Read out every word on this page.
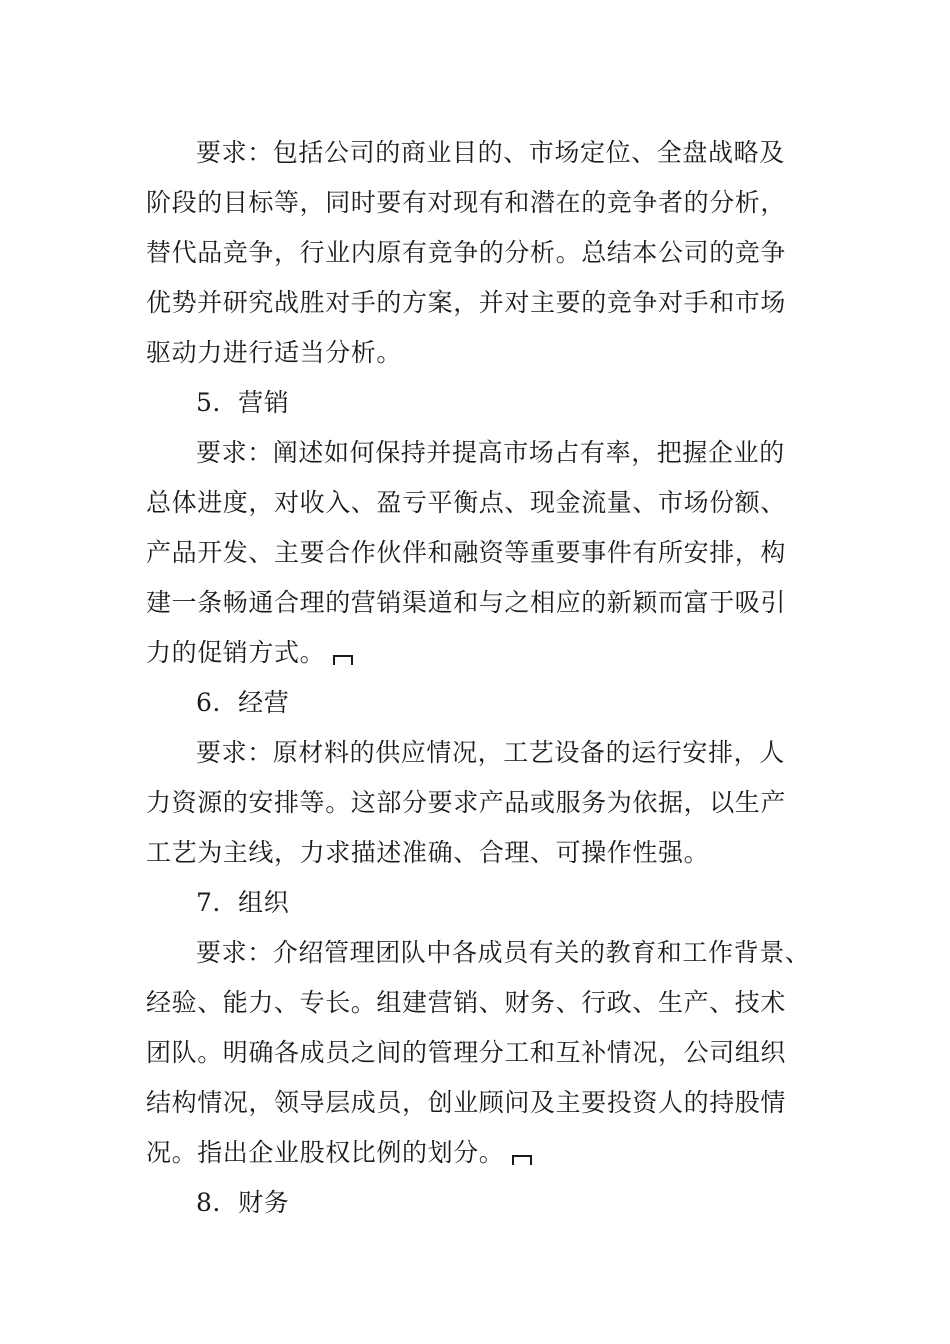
要求：包括公司的商业目的、市场定位、全盘战略及
阶段的目标等，同时要有对现有和潜在的竞争者的分析，
替代品竞争，行业内原有竞争的分析。总结本公司的竞争
优势并研究战胜对手的方案，并对主要的竞争对手和市场
驱动力进行适当分析。
5．营销
要求：阐述如何保持并提高市场占有率，把握企业的
总体进度，对收入、盈亏平衡点、现金流量、市场份额、
产品开发、主要合作伙伴和融资等重要事件有所安排，构
建一条畅通合理的营销渠道和与之相应的新颖而富于吸引
力的促销方式。
6．经营
要求：原材料的供应情况，工艺设备的运行安排，人
力资源的安排等。这部分要求产品或服务为依据，以生产
工艺为主线，力求描述准确、合理、可操作性强。
7．组织
要求：介绍管理团队中各成员有关的教育和工作背景、
经验、能力、专长。组建营销、财务、行政、生产、技术
团队。明确各成员之间的管理分工和互补情况，公司组织
结构情况，领导层成员，创业顾问及主要投资人的持股情
况。指出企业股权比例的划分。
8．财务
